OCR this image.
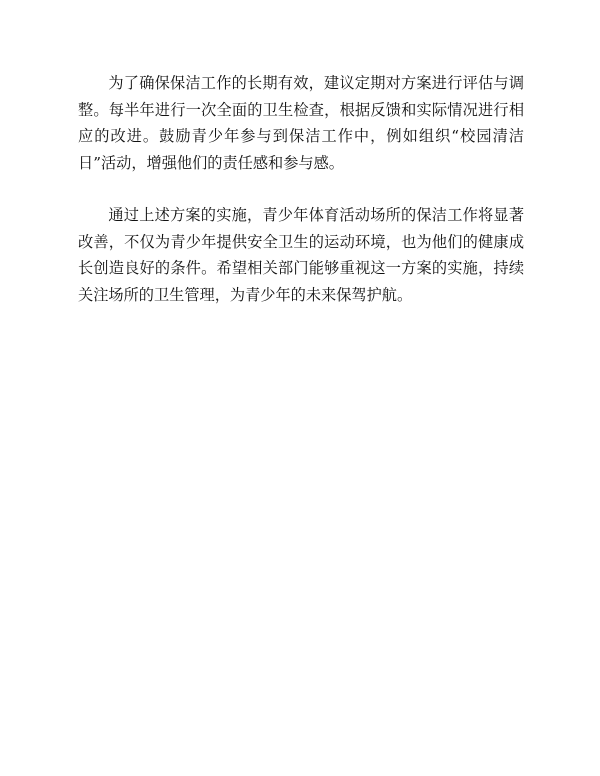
为了确保保洁工作的长期有效，建议定期对方案进行评估与调整。每半年进行一次全面的卫生检查，根据反馈和实际情况进行相应的改进。鼓励青少年参与到保洁工作中，例如组织“校园清洁日”活动，增强他们的责任感和参与感。

通过上述方案的实施，青少年体育活动场所的保洁工作将显著改善，不仅为青少年提供安全卫生的运动环境，也为他们的健康成长创造良好的条件。希望相关部门能够重视这一方案的实施，持续关注场所的卫生管理，为青少年的未来保驾护航。
